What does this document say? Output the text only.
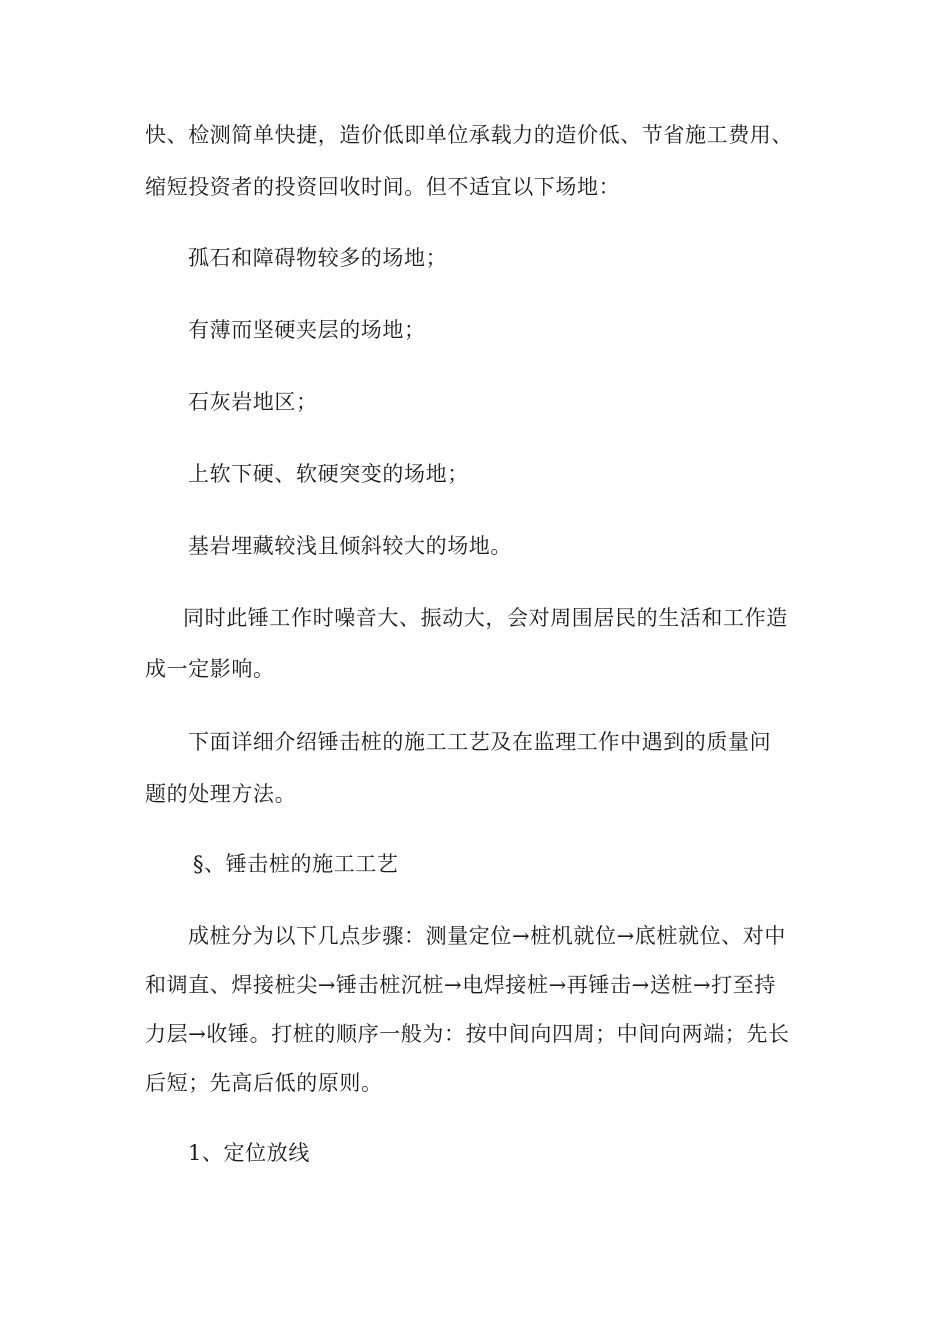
快、检测简单快捷，造价低即单位承载力的造价低、节省施工费用、
缩短投资者的投资回收时间。但不适宜以下场地：
孤石和障碍物较多的场地；
有薄而坚硬夹层的场地；
石灰岩地区；
上软下硬、软硬突变的场地；
基岩埋藏较浅且倾斜较大的场地。
同时此锤工作时噪音大、振动大，会对周围居民的生活和工作造
成一定影响。
下面详细介绍锤击桩的施工工艺及在监理工作中遇到的质量问
题的处理方法。
§、锤击桩的施工工艺
成桩分为以下几点步骤：测量定位→桩机就位→底桩就位、对中
和调直、焊接桩尖→锤击桩沉桩→电焊接桩→再锤击→送桩→打至持
力层→收锤。打桩的顺序一般为：按中间向四周；中间向两端；先长
后短；先高后低的原则。
1、定位放线
